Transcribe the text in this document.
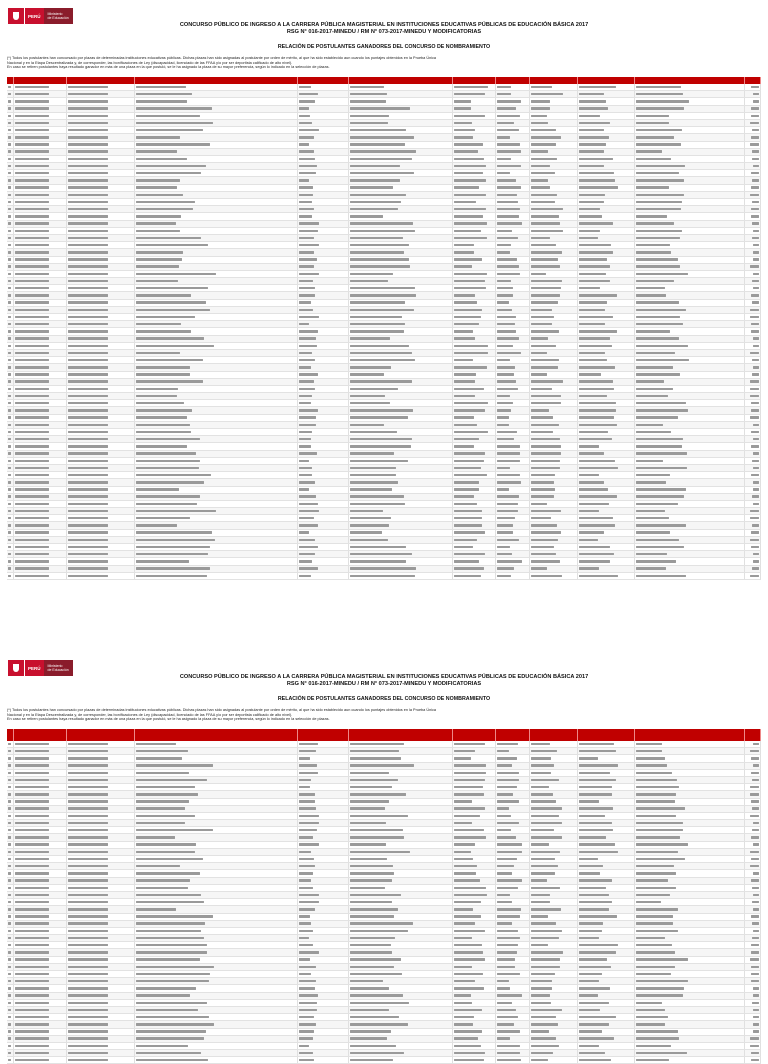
PERÚ	Ministerio
de Educación
CONCURSO PÚBLICO DE INGRESO A LA CARRERA PÚBLICA MAGISTERIAL EN INSTITUCIONES EDUCATIVAS PÚBLICAS DE EDUCACIÓN BÁSICA 2017
RSG N° 016-2017-MINEDU / RM N° 073-2017-MINEDU Y MODIFICATORIAS
RELACIÓN DE POSTULANTES GANADORES DEL CONCURSO DE NOMBRAMIENTO
(*) Todos los postulantes han concursado por plazas de determinadas instituciones educativas públicas. Dichas plazas han sido asignadas al postulante por orden de mérito, al que ha sido establecido aun cuando los puntajes obtenidos en la Prueba Única
Nacional y en la Etapa Descentralizada y, de corresponder, las bonificaciones de Ley (discapacidad, licenciado de las FFAA y/o por ser deportista calificado de alto nivel).
En caso se retiren postulantes haya resultado ganador en más de una plaza en la que postuló, se le ha asignado la plaza de su mayor preferencia, según lo indicado en la selección de plazas.
PERÚ	Ministerio
de Educación
CONCURSO PÚBLICO DE INGRESO A LA CARRERA PÚBLICA MAGISTERIAL EN INSTITUCIONES EDUCATIVAS PÚBLICAS DE EDUCACIÓN BÁSICA 2017
RSG N° 016-2017-MINEDU / RM N° 073-2017-MINEDU Y MODIFICATORIAS
RELACIÓN DE POSTULANTES GANADORES DEL CONCURSO DE NOMBRAMIENTO
(*) Todos los postulantes han concursado por plazas de determinadas instituciones educativas públicas. Dichas plazas han sido asignadas al postulante por orden de mérito, al que ha sido establecido aun cuando los puntajes obtenidos en la Prueba Única
Nacional y en la Etapa Descentralizada y, de corresponder, las bonificaciones de Ley (discapacidad, licenciado de las FFAA y/o por ser deportista calificado de alto nivel).
En caso se retiren postulantes haya resultado ganador en más de una plaza en la que postuló, se le ha asignado la plaza de su mayor preferencia, según lo indicado en la selección de plazas.
